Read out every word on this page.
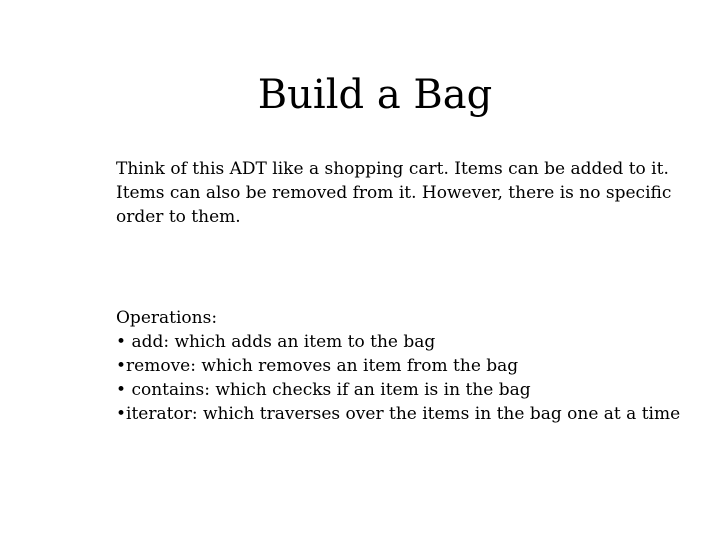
Build a Bag

Think of this ADT like a shopping cart. Items can be added to it.
Items can also be removed from it. However, there is no specific
order to them.

Operations:
• add: which adds an item to the bag
•remove: which removes an item from the bag
• contains: which checks if an item is in the bag
•iterator: which traverses over the items in the bag one at a time
